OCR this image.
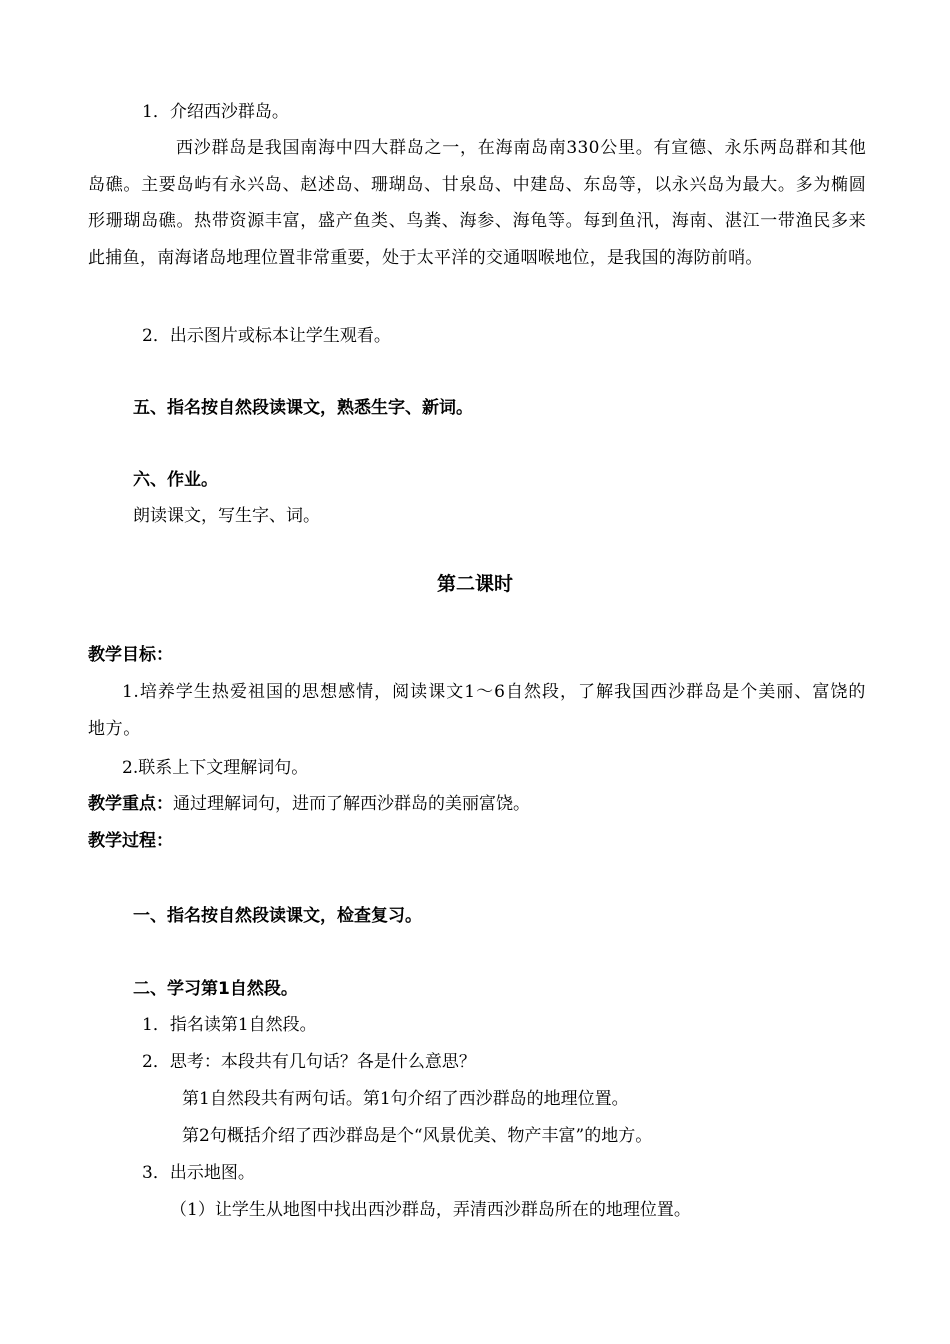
1．介绍西沙群岛。
西沙群岛是我国南海中四大群岛之一，在海南岛南330公里。有宣德、永乐两岛群和其他岛礁。主要岛屿有永兴岛、赵述岛、珊瑚岛、甘泉岛、中建岛、东岛等，以永兴岛为最大。多为椭圆形珊瑚岛礁。热带资源丰富，盛产鱼类、鸟粪、海参、海龟等。每到鱼汛，海南、湛江一带渔民多来此捕鱼，南海诸岛地理位置非常重要，处于太平洋的交通咽喉地位，是我国的海防前哨。
2．出示图片或标本让学生观看。
五、指名按自然段读课文，熟悉生字、新词。
六、作业。
朗读课文，写生字、词。
第二课时
教学目标：
1.培养学生热爱祖国的思想感情，阅读课文1～6自然段，了解我国西沙群岛是个美丽、富饶的地方。
2.联系上下文理解词句。
教学重点：通过理解词句，进而了解西沙群岛的美丽富饶。
教学过程：
一、指名按自然段读课文，检查复习。
二、学习第1自然段。
1．指名读第1自然段。
2．思考：本段共有几句话？各是什么意思？
第1自然段共有两句话。第1句介绍了西沙群岛的地理位置。
第2句概括介绍了西沙群岛是个“风景优美、物产丰富”的地方。
3．出示地图。
（1）让学生从地图中找出西沙群岛，弄清西沙群岛所在的地理位置。
